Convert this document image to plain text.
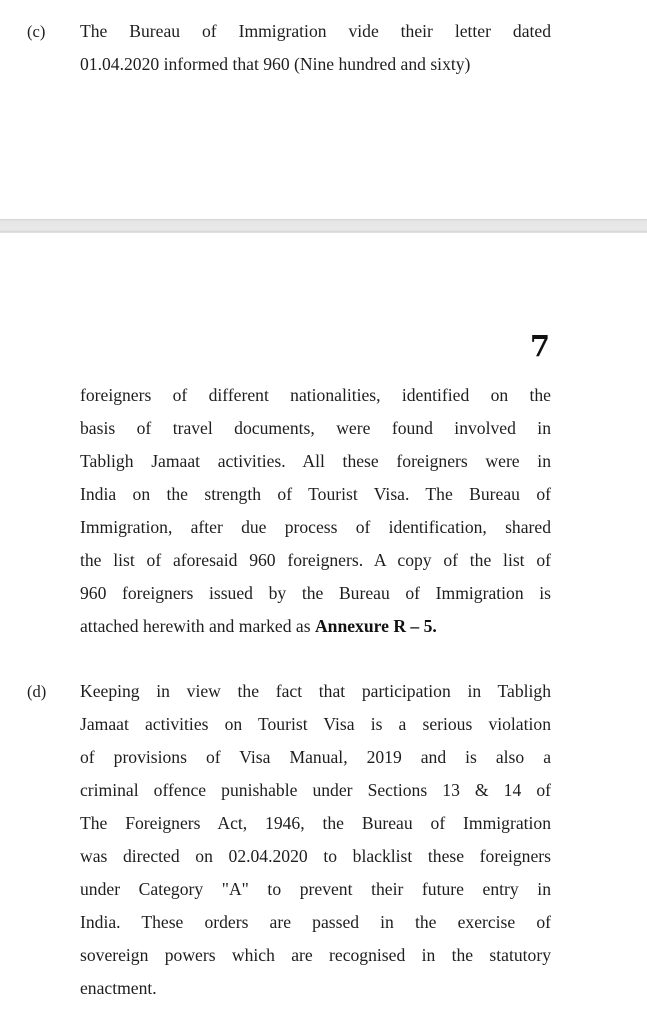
(c) The Bureau of Immigration vide their letter dated
01.04.2020 informed that 960 (Nine hundred and sixty)
7
foreigners of different nationalities, identified on the
basis of travel documents, were found involved in
Tabligh Jamaat activities. All these foreigners were in
India on the strength of Tourist Visa. The Bureau of
Immigration, after due process of identification, shared
the list of aforesaid 960 foreigners. A copy of the list of
960 foreigners issued by the Bureau of Immigration is
attached herewith and marked as Annexure R – 5.
(d) Keeping in view the fact that participation in Tabligh
Jamaat activities on Tourist Visa is a serious violation
of provisions of Visa Manual, 2019 and is also a
criminal offence punishable under Sections 13 & 14 of
The Foreigners Act, 1946, the Bureau of Immigration
was directed on 02.04.2020 to blacklist these foreigners
under Category "A" to prevent their future entry in
India. These orders are passed in the exercise of
sovereign powers which are recognised in the statutory
enactment.
